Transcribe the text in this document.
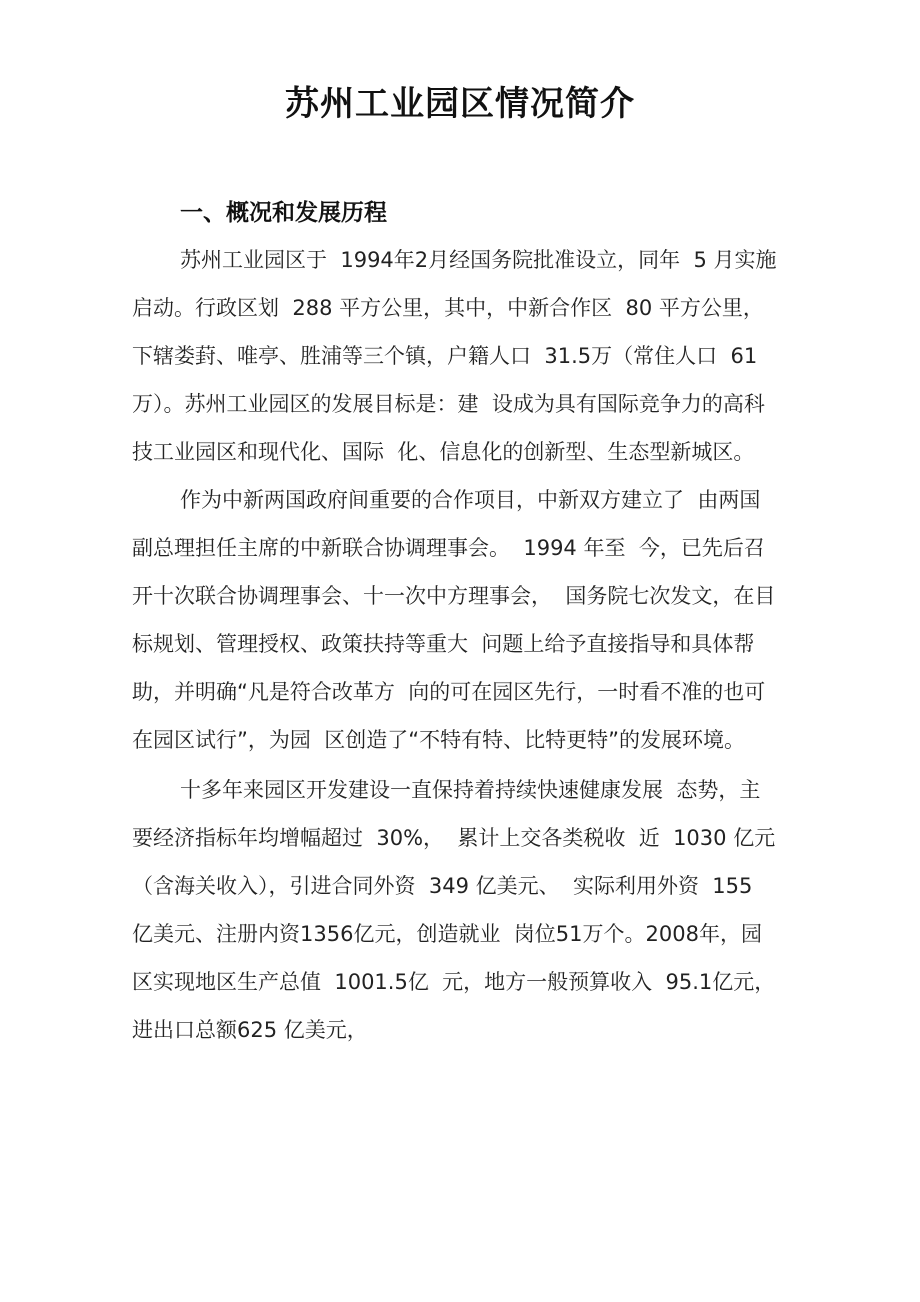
苏州工业园区情况简介
一、概况和发展历程
苏州工业园区于  1994年2月经国务院批准设立，同年  5 月实施
启动。行政区划  288 平方公里，其中，中新合作区  80 平方公里，
下辖娄葑、唯亭、胜浦等三个镇，户籍人口  31.5万（常住人口  61
万）。苏州工业园区的发展目标是：建  设成为具有国际竞争力的高科
技工业园区和现代化、国际  化、信息化的创新型、生态型新城区。
作为中新两国政府间重要的合作项目，中新双方建立了  由两国
副总理担任主席的中新联合协调理事会。  1994 年至  今，已先后召
开十次联合协调理事会、十一次中方理事会，  国务院七次发文，在目
标规划、管理授权、政策扶持等重大  问题上给予直接指导和具体帮
助，并明确“凡是符合改革方  向的可在园区先行，一时看不准的也可
在园区试行”，为园  区创造了“不特有特、比特更特”的发展环境。
十多年来园区开发建设一直保持着持续快速健康发展  态势，主
要经济指标年均增幅超过  30%，  累计上交各类税收  近  1030 亿元
（含海关收入），引进合同外资  349 亿美元、  实际利用外资  155
亿美元、注册内资1356亿元，创造就业  岗位51万个。2008年，园
区实现地区生产总值  1001.5亿  元，地方一般预算收入  95.1亿元，
进出口总额625 亿美元，
